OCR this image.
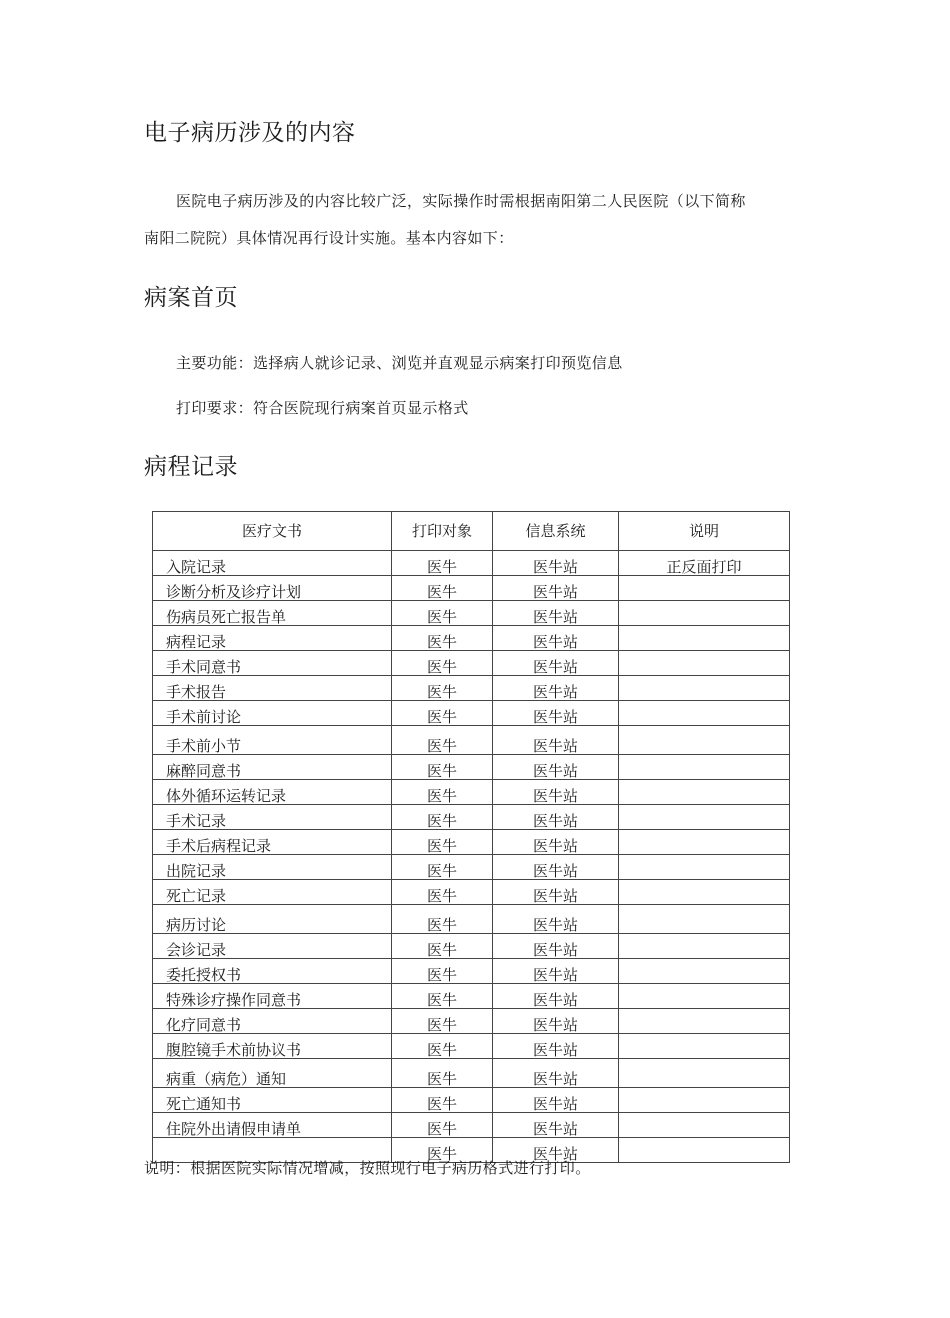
电子病历涉及的内容

医院电子病历涉及的内容比较广泛，实际操作时需根据南阳第二人民医院（以下简称

南阳二院院）具体情况再行设计实施。基本内容如下：

病案首页

主要功能：选择病人就诊记录、浏览并直观显示病案打印预览信息

打印要求：符合医院现行病案首页显示格式

病程记录
医疗文书	打印对象	信息系统	说明
入院记录	医牛	医牛站	正反面打印
诊断分析及诊疗计划	医牛	医牛站	
伤病员死亡报告单	医牛	医牛站	
病程记录	医牛	医牛站	
手术同意书	医牛	医牛站	
手术报告	医牛	医牛站	
手术前讨论	医牛	医牛站	
手术前小节	医牛	医牛站	
麻醉同意书	医牛	医牛站	
体外循环运转记录	医牛	医牛站	
手术记录	医牛	医牛站	
手术后病程记录	医牛	医牛站	
出院记录	医牛	医牛站	
死亡记录	医牛	医牛站	
病历讨论	医牛	医牛站	
会诊记录	医牛	医牛站	
委托授权书	医牛	医牛站	
特殊诊疗操作同意书	医牛	医牛站	
化疗同意书	医牛	医牛站	
腹腔镜手术前协议书	医牛	医牛站	
病重（病危）通知	医牛	医牛站	
死亡通知书	医牛	医牛站	
住院外出请假申请单	医牛	医牛站	
	医牛	医牛站	

说明：根据医院实际情况增减，按照现行电子病历格式进行打印。
